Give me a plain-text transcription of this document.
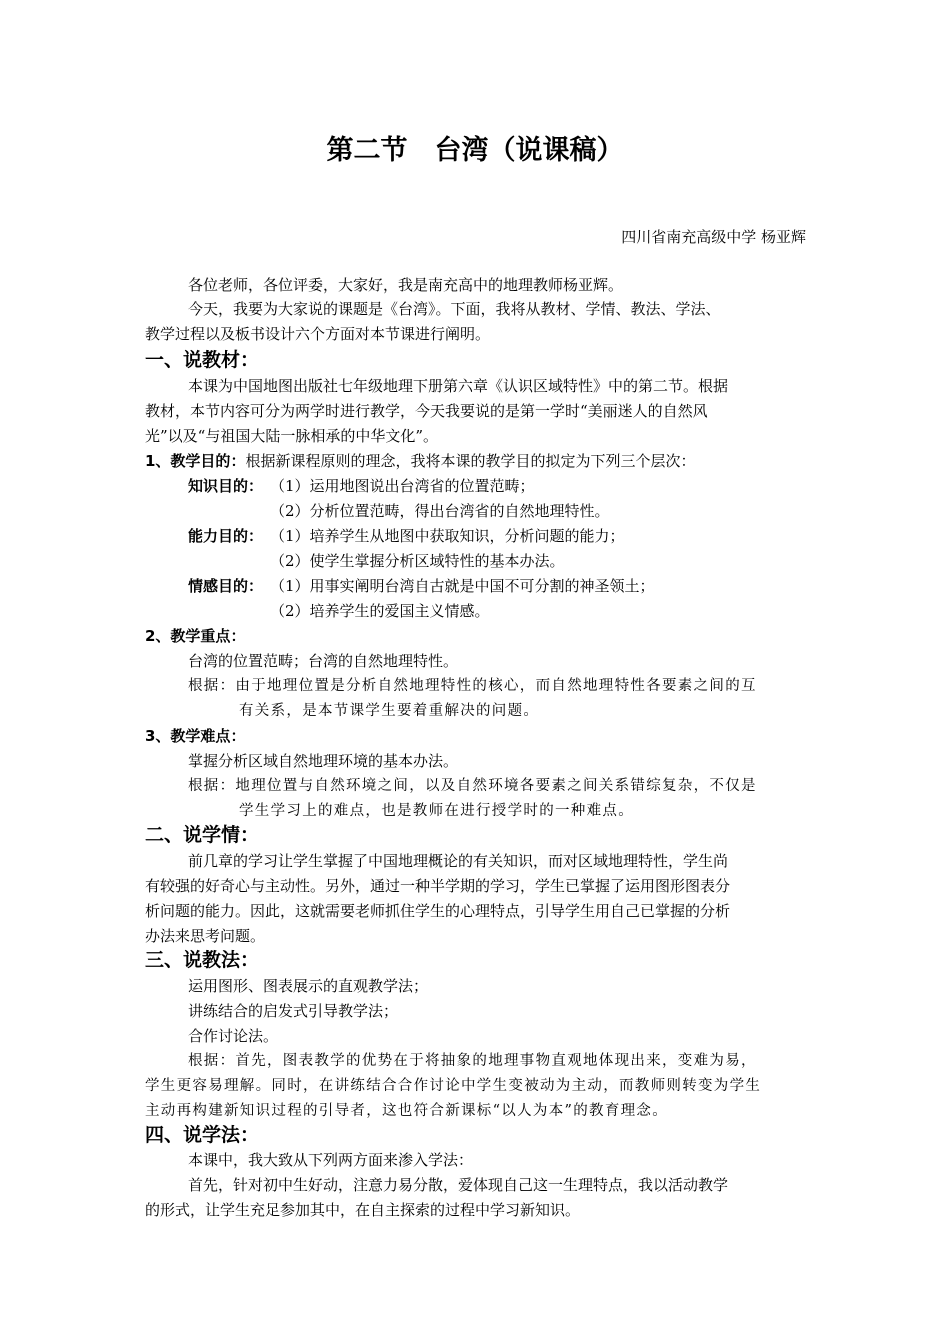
第二节　台湾（说课稿）
四川省南充高级中学 杨亚辉
各位老师，各位评委，大家好，我是南充高中的地理教师杨亚辉。
今天，我要为大家说的课题是《台湾》。下面，我将从教材、学情、教法、学法、
教学过程以及板书设计六个方面对本节课进行阐明。
一、说教材：
本课为中国地图出版社七年级地理下册第六章《认识区域特性》中的第二节。根据
教材，本节内容可分为两学时进行教学，今天我要说的是第一学时“美丽迷人的自然风
光”以及“与祖国大陆一脉相承的中华文化”。
1、教学目的：根据新课程原则的理念，我将本课的教学目的拟定为下列三个层次：
知识目的： （1）运用地图说出台湾省的位置范畴；
（2）分析位置范畴，得出台湾省的自然地理特性。
能力目的： （1）培养学生从地图中获取知识，分析问题的能力；
（2）使学生掌握分析区域特性的基本办法。
情感目的： （1）用事实阐明台湾自古就是中国不可分割的神圣领土；
（2）培养学生的爱国主义情感。
2、教学重点：
台湾的位置范畴；台湾的自然地理特性。
根据：由于地理位置是分析自然地理特性的核心，而自然地理特性各要素之间的互
有关系，是本节课学生要着重解决的问题。
3、教学难点：
掌握分析区域自然地理环境的基本办法。
根据：地理位置与自然环境之间，以及自然环境各要素之间关系错综复杂，不仅是
学生学习上的难点，也是教师在进行授学时的一种难点。
二、说学情：
前几章的学习让学生掌握了中国地理概论的有关知识，而对区域地理特性，学生尚
有较强的好奇心与主动性。另外，通过一种半学期的学习，学生已掌握了运用图形图表分
析问题的能力。因此，这就需要老师抓住学生的心理特点，引导学生用自己已掌握的分析
办法来思考问题。
三、说教法：
运用图形、图表展示的直观教学法；
讲练结合的启发式引导教学法；
合作讨论法。
根据：首先，图表教学的优势在于将抽象的地理事物直观地体现出来，变难为易，
学生更容易理解。同时，在讲练结合合作讨论中学生变被动为主动，而教师则转变为学生
主动再构建新知识过程的引导者，这也符合新课标“以人为本”的教育理念。
四、说学法：
本课中，我大致从下列两方面来渗入学法：
首先，针对初中生好动，注意力易分散，爱体现自己这一生理特点，我以活动教学
的形式，让学生充足参加其中，在自主探索的过程中学习新知识。
